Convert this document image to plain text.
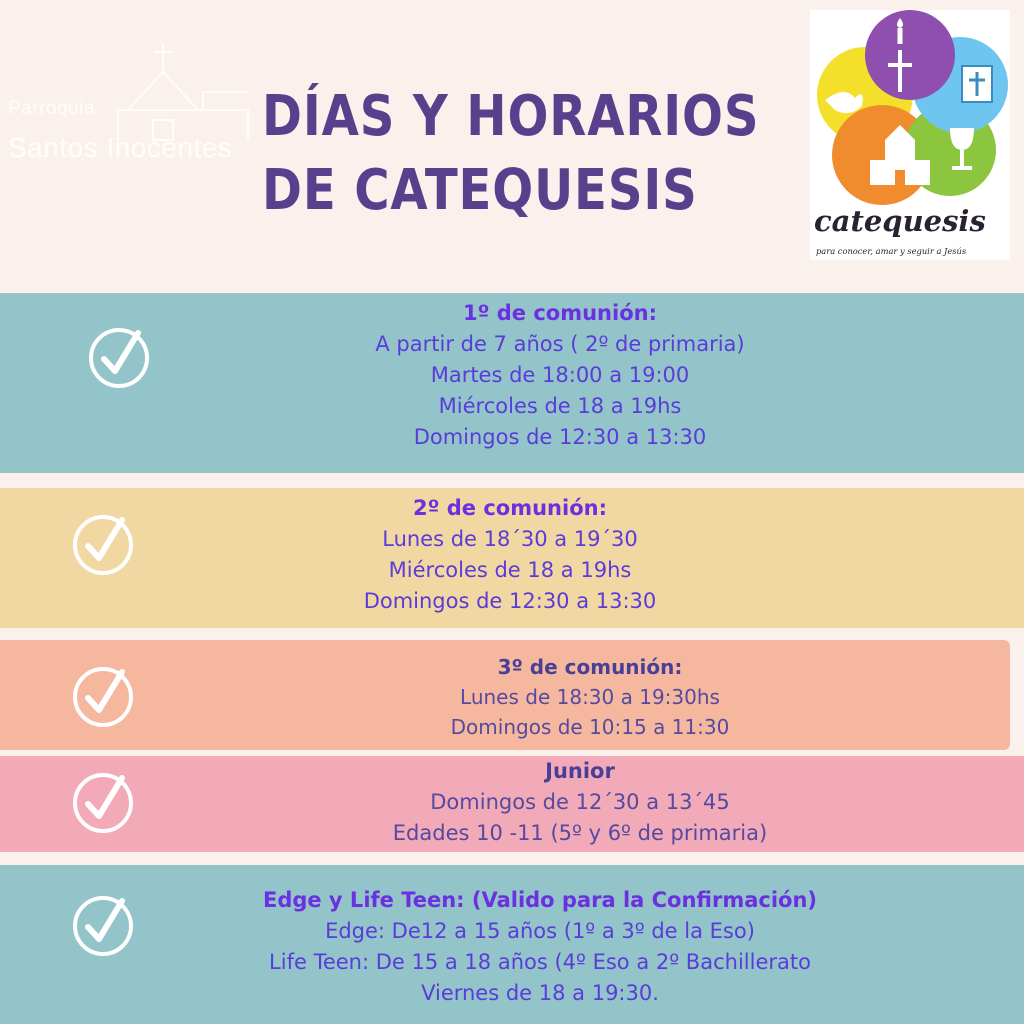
Parroquia
Santos Inocentes DÍAS Y HORARIOS
DE CATEQUESIS	catequesis
para conocer, amar y seguir a Jesús
1º de comunión:
A partir de 7 años ( 2º de primaria)
Martes de 18:00 a 19:00
Miércoles de 18 a 19hs
Domingos de 12:30 a 13:30
2º de comunión:
Lunes de 18´30 a 19´30
Miércoles de 18 a 19hs
Domingos de 12:30 a 13:30
3º de comunión:
Lunes de 18:30 a 19:30hs
Domingos de 10:15 a 11:30
Junior
Domingos de 12´30 a 13´45
Edades 10 -11 (5º y 6º de primaria)
Edge y Life Teen: (Valido para la Confirmación)
Edge: De12 a 15 años (1º a 3º de la Eso)
Life Teen: De 15 a 18 años (4º Eso a 2º Bachillerato
Viernes de 18 a 19:30.
